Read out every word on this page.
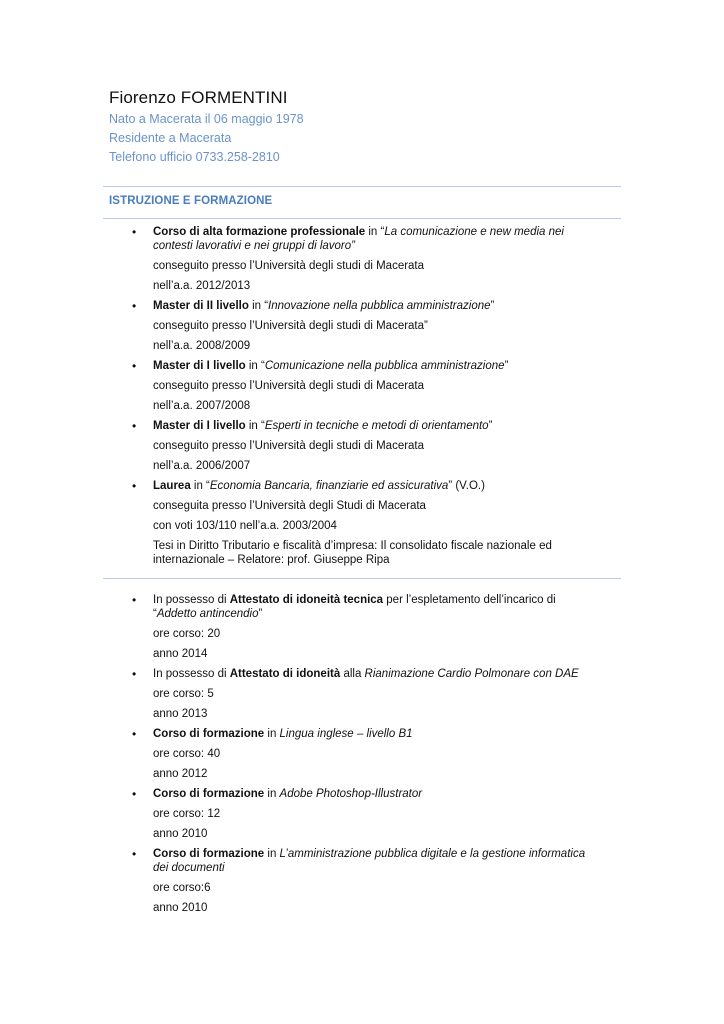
Fiorenzo FORMENTINI
Nato a Macerata il 06 maggio 1978
Residente a Macerata
Telefono ufficio 0733.258-2810
ISTRUZIONE E FORMAZIONE
• Corso di alta formazione professionale in “La comunicazione e new media nei contesti lavorativi e nei gruppi di lavoro”
conseguito presso l’Università degli studi di Macerata
nell’a.a. 2012/2013
• Master di II livello in “Innovazione nella pubblica amministrazione”
conseguito presso l’Università degli studi di Macerata”
nell’a.a. 2008/2009
• Master di I livello in “Comunicazione nella pubblica amministrazione”
conseguito presso l’Università degli studi di Macerata
nell’a.a. 2007/2008
• Master di I livello in “Esperti in tecniche e metodi di orientamento”
conseguito presso l’Università degli studi di Macerata
nell’a.a. 2006/2007
• Laurea in “Economia Bancaria, finanziarie ed assicurativa” (V.O.)
conseguita presso l’Università degli Studi di Macerata
con voti 103/110 nell’a.a. 2003/2004
Tesi in Diritto Tributario e fiscalità d’impresa: Il consolidato fiscale nazionale ed internazionale – Relatore: prof. Giuseppe Ripa
• In possesso di Attestato di idoneità tecnica per l’espletamento dell’incarico di “Addetto antincendio”
ore corso: 20
anno 2014
• In possesso di Attestato di idoneità alla Rianimazione Cardio Polmonare con DAE
ore corso: 5
anno 2013
• Corso di formazione in Lingua inglese – livello B1
ore corso: 40
anno 2012
• Corso di formazione in Adobe Photoshop-Illustrator
ore corso: 12
anno 2010
• Corso di formazione in L’amministrazione pubblica digitale e la gestione informatica dei documenti
ore corso:6
anno 2010
